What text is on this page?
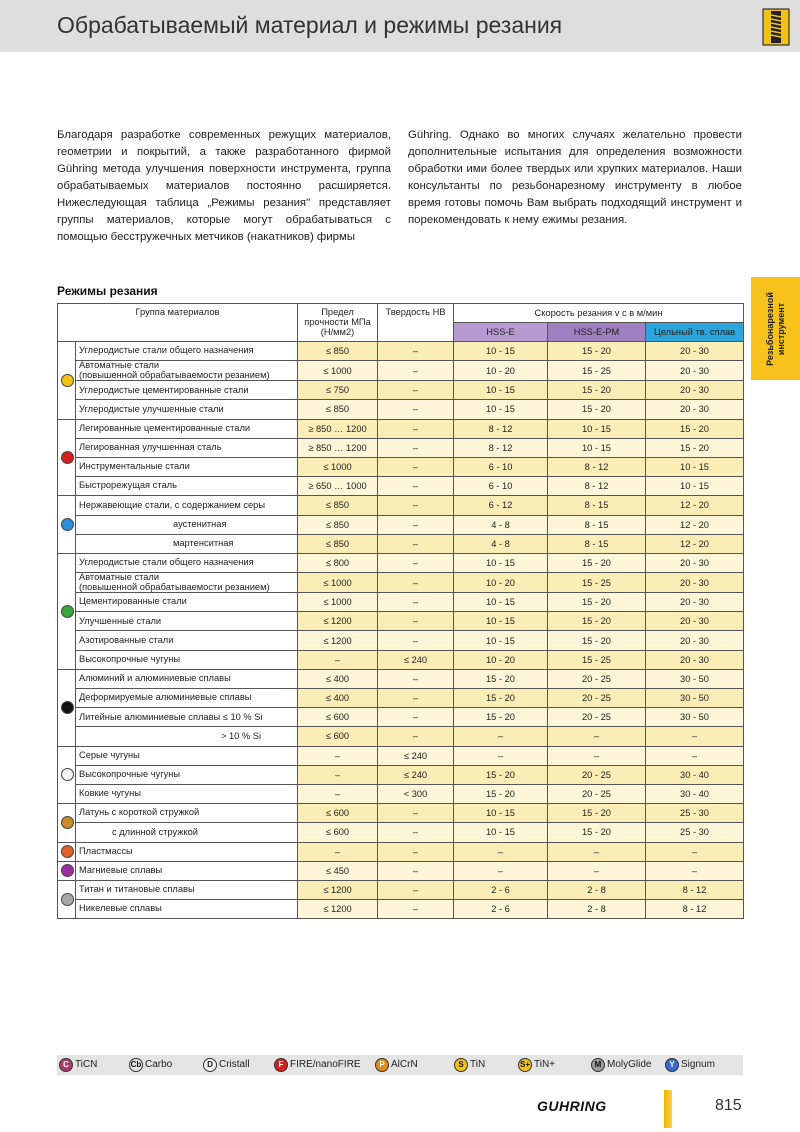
Обрабатываемый материал и режимы резания

Благодаря разработке современных режущих материалов, геометрии и покрытий, а также разработанного фирмой Gühring метода улучшения поверхности инструмента, группа обрабатываемых материалов постоянно расширяется. Нижеследующая таблица „Режимы резания" представляет группы материалов, которые могут обрабатываться с помощью бесстружечных метчиков (накатников) фирмы

Gühring. Однако во многих случаях желательно провести дополнительные испытания для определения возможности обработки ими более твердых или хрупких материалов. Наши консультанты по резьбонарезному инструменту в любое время готовы помочь Вам выбрать подходящий инструмент и порекомендовать к нему ежимы резания.

Резьбонарезной
инструмент
Режимы резания
Группа материалов		Предел прочности МПа (Н/мм2)	Твердость НВ	Скорость резания v с в м/мин		
				HSS-E	HSS-E-PM	Цельный тв. сплав
	Углеродистые стали общего назначения	≤ 850	–	10 - 15	15 - 20	20 - 30
	Автоматные стали
(повышенной обрабатываемости резанием)	≤ 1000	–	10 - 20	15 - 25	20 - 30
	Углеродистые цементированные стали	≤ 750	–	10 - 15	15 - 20	20 - 30
	Углеродистые улучшенные стали	≤ 850	–	10 - 15	15 - 20	20 - 30
	Легированные цементированные стали	≥ 850 … 1200	–	8 - 12	10 - 15	15 - 20
	Легированная улучшенная сталь	≥ 850 … 1200	–	8 - 12	10 - 15	15 - 20
	Инструментальные стали	≤ 1000	–	6 - 10	8 - 12	10 - 15
	Быстрорежущая сталь	≥ 650 … 1000	–	6 - 10	8 - 12	10 - 15
	Нержавеющие стали, с содержанием серы	≤ 850	–	6 - 12	8 - 15	12 - 20
	аустенитная	≤ 850	–	4 - 8	8 - 15	12 - 20
	мартенситная	≤ 850	–	4 - 8	8 - 15	12 - 20
	Углеродистые стали общего назначения	≤ 800	–	10 - 15	15 - 20	20 - 30
	Автоматные стали
(повышенной обрабатываемости резанием)	≤ 1000	–	10 - 20	15 - 25	20 - 30
	Цементированные стали	≤ 1000	–	10 - 15	15 - 20	20 - 30
	Улучшенные стали	≤ 1200	–	10 - 15	15 - 20	20 - 30
	Азотированные стали	≤ 1200	–	10 - 15	15 - 20	20 - 30
	Высокопрочные чугуны	–	≤ 240	10 - 20	15 - 25	20 - 30
	Алюминий и алюминиевые сплавы	≤ 400	–	15 - 20	20 - 25	30 - 50
	Деформируемые алюминиевые сплавы	≤ 400	–	15 - 20	20 - 25	30 - 50
	Литейные алюминиевые сплавы ≤ 10 % Si	≤ 600	–	15 - 20	20 - 25	30 - 50
	> 10 % Si	≤ 600	–	–	–	–
	Серые чугуны	–	≤ 240	–	–	–
	Высокопрочные чугуны	–	≤ 240	15 - 20	20 - 25	30 - 40
	Ковкие чугуны	–	< 300	15 - 20	20 - 25	30 - 40
	Латунь с короткой стружкой	≤ 600	–	10 - 15	15 - 20	25 - 30
	с длинной стружкой	≤ 600	–	10 - 15	15 - 20	25 - 30
	Пластмассы	–	–	–	–	–
	Магниевые сплавы	≤ 450	–	–	–	–
	Титан и титановые сплавы	≤ 1200	–	2 - 6	2 - 8	8 - 12
	Никелевые сплавы	≤ 1200	–	2 - 6	2 - 8	8 - 12
C TiCN	Cb Carbo	D Cristall	F FIRE/nanoFIRE	P AlCrN	S TiN	S+ TiN+	M MolyGlide	Y Signum
GUHRING	815
